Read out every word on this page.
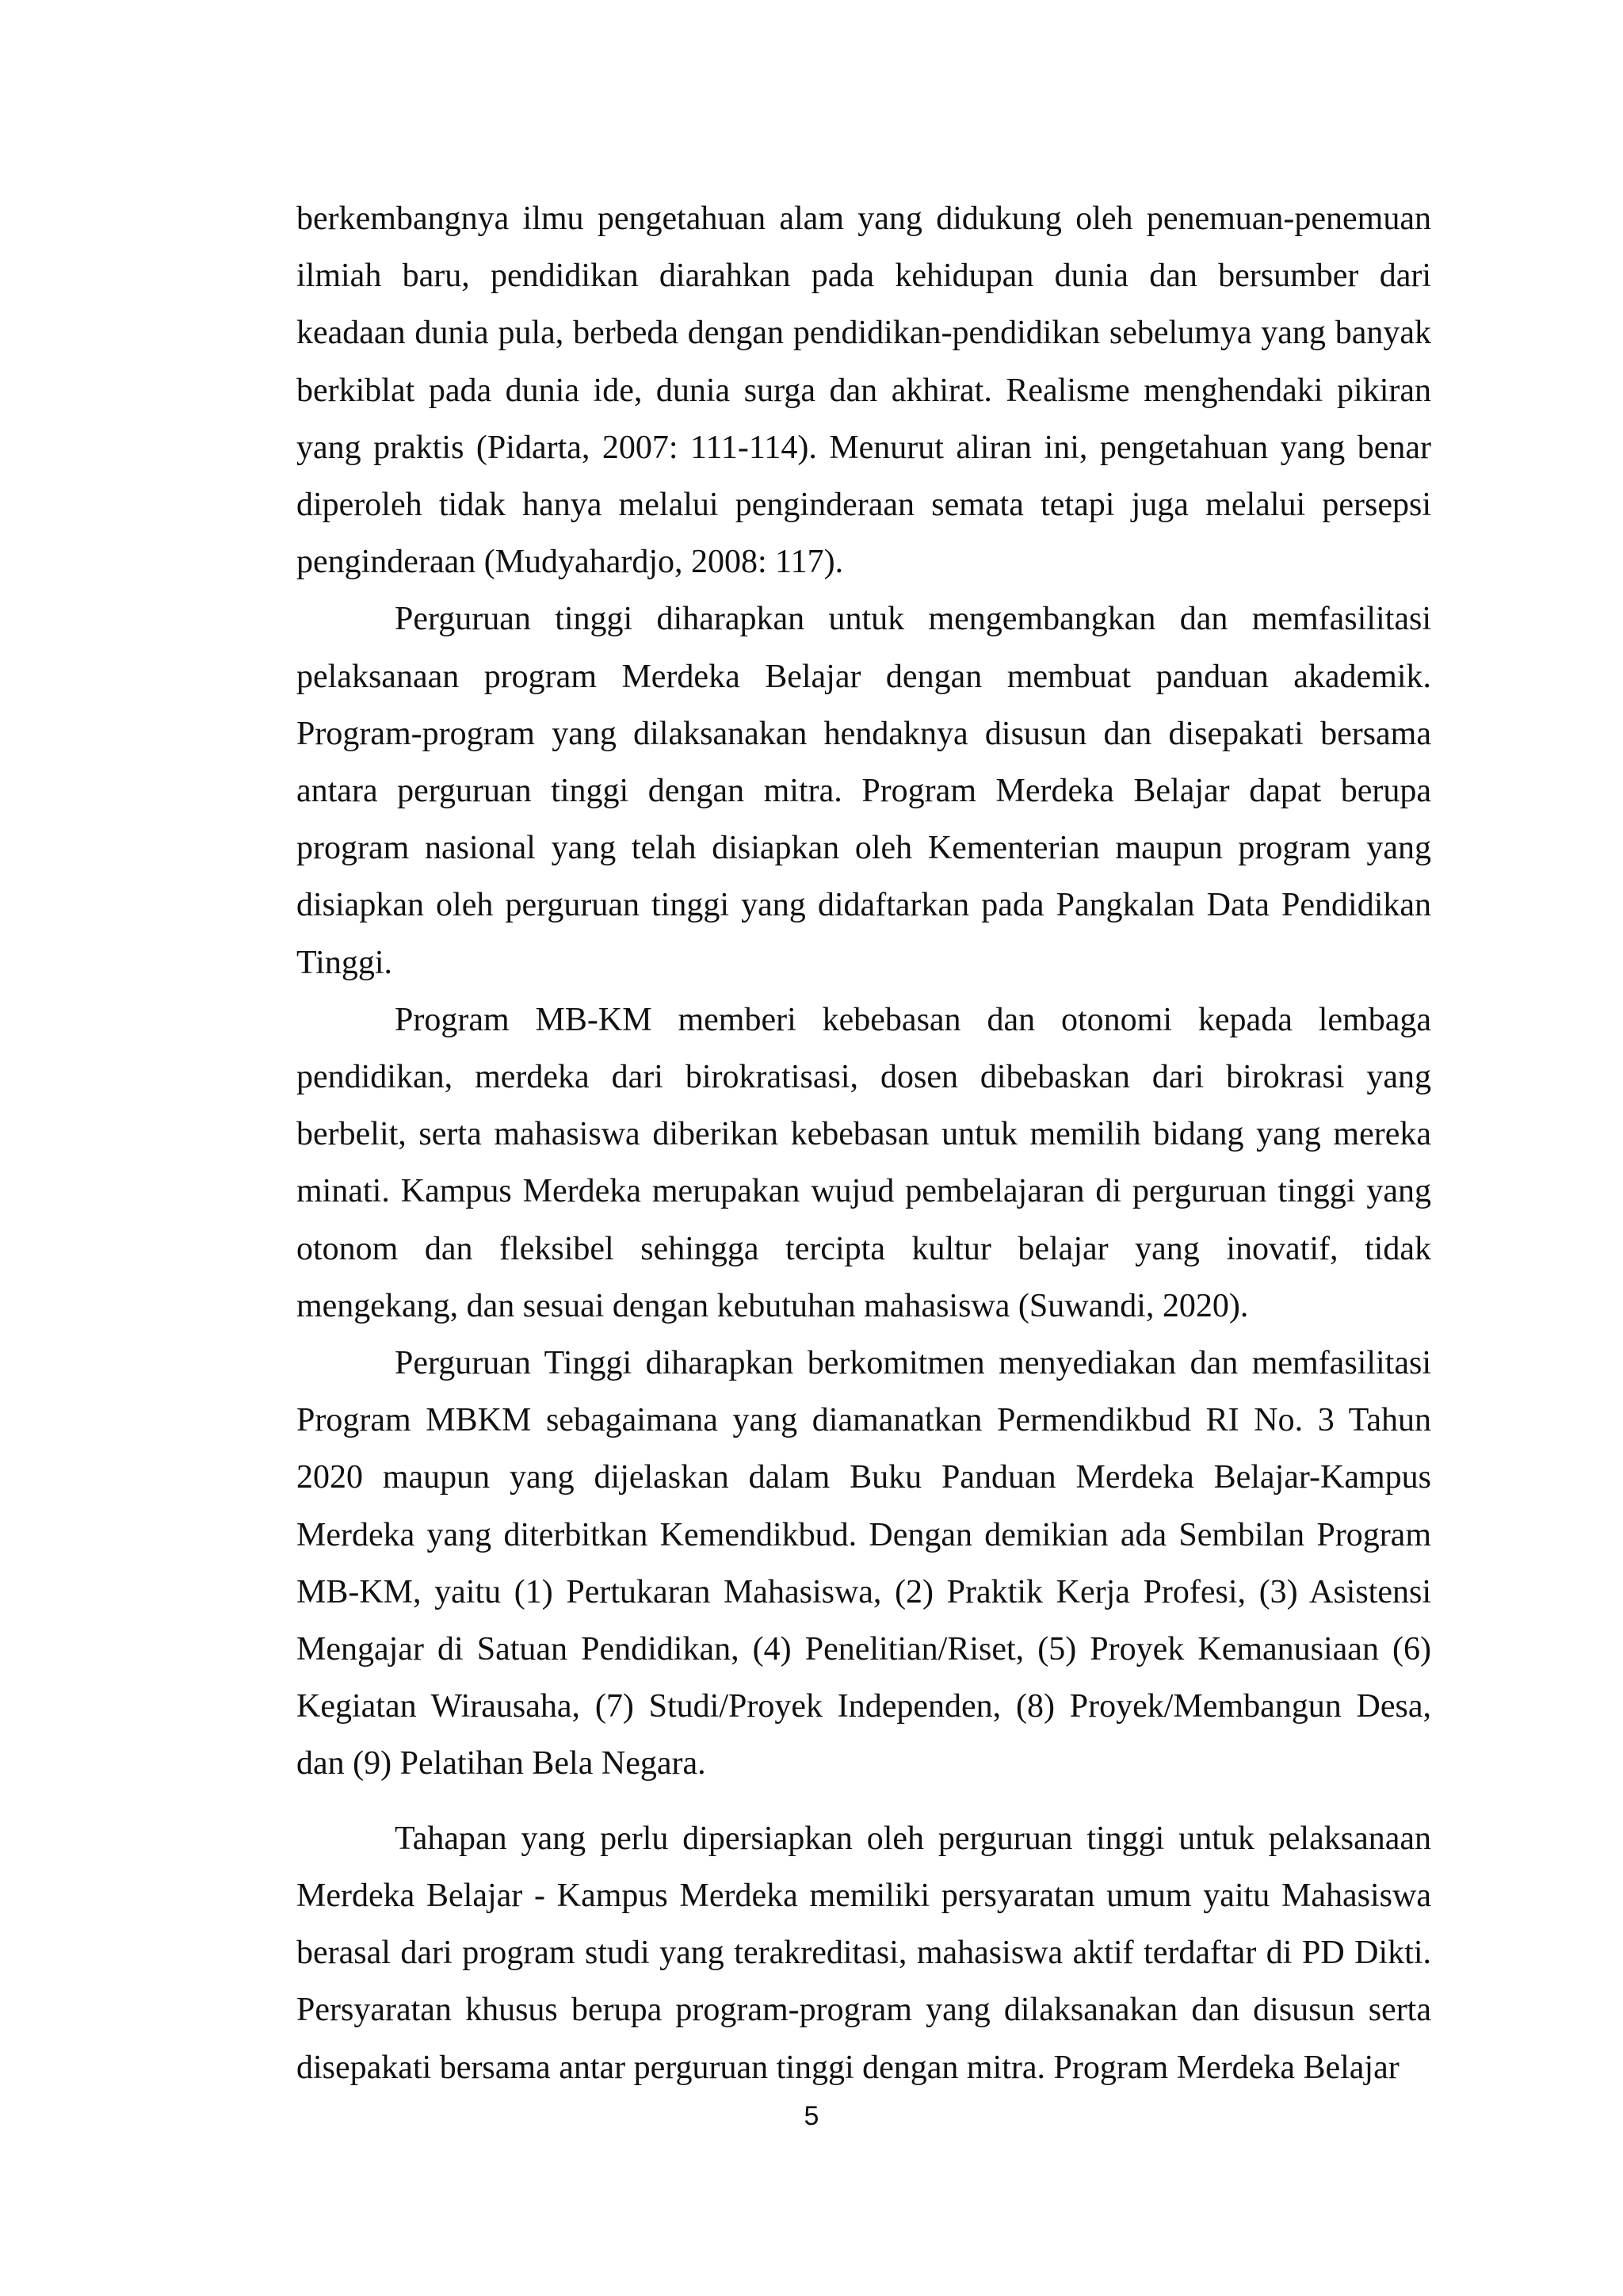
berkembangnya ilmu pengetahuan alam yang didukung oleh penemuan-penemuan ilmiah baru, pendidikan diarahkan pada kehidupan dunia dan bersumber dari keadaan dunia pula, berbeda dengan pendidikan-pendidikan sebelumya yang banyak berkiblat pada dunia ide, dunia surga dan akhirat. Realisme menghendaki pikiran yang praktis (Pidarta, 2007: 111-114). Menurut aliran ini, pengetahuan yang benar diperoleh tidak hanya melalui penginderaan semata tetapi juga melalui persepsi penginderaan (Mudyahardjo, 2008: 117).

Perguruan tinggi diharapkan untuk mengembangkan dan memfasilitasi pelaksanaan program Merdeka Belajar dengan membuat panduan akademik. Program-program yang dilaksanakan hendaknya disusun dan disepakati bersama antara perguruan tinggi dengan mitra. Program Merdeka Belajar dapat berupa program nasional yang telah disiapkan oleh Kementerian maupun program yang disiapkan oleh perguruan tinggi yang didaftarkan pada Pangkalan Data Pendidikan Tinggi.

Program MB-KM memberi kebebasan dan otonomi kepada lembaga pendidikan, merdeka dari birokratisasi, dosen dibebaskan dari birokrasi yang berbelit, serta mahasiswa diberikan kebebasan untuk memilih bidang yang mereka minati. Kampus Merdeka merupakan wujud pembelajaran di perguruan tinggi yang otonom dan fleksibel sehingga tercipta kultur belajar yang inovatif, tidak mengekang, dan sesuai dengan kebutuhan mahasiswa (Suwandi, 2020).

Perguruan Tinggi diharapkan berkomitmen menyediakan dan memfasilitasi Program MBKM sebagaimana yang diamanatkan Permendikbud RI No. 3 Tahun 2020 maupun yang dijelaskan dalam Buku Panduan Merdeka Belajar-Kampus Merdeka yang diterbitkan Kemendikbud. Dengan demikian ada Sembilan Program MB-KM, yaitu (1) Pertukaran Mahasiswa, (2) Praktik Kerja Profesi, (3) Asistensi Mengajar di Satuan Pendidikan, (4) Penelitian/Riset, (5) Proyek Kemanusiaan (6) Kegiatan Wirausaha, (7) Studi/Proyek Independen, (8) Proyek/Membangun Desa, dan (9) Pelatihan Bela Negara.

Tahapan yang perlu dipersiapkan oleh perguruan tinggi untuk pelaksanaan Merdeka Belajar - Kampus Merdeka memiliki persyaratan umum yaitu Mahasiswa berasal dari program studi yang terakreditasi, mahasiswa aktif terdaftar di PD Dikti. Persyaratan khusus berupa program-program yang dilaksanakan dan disusun serta disepakati bersama antar perguruan tinggi dengan mitra. Program Merdeka Belajar

5
